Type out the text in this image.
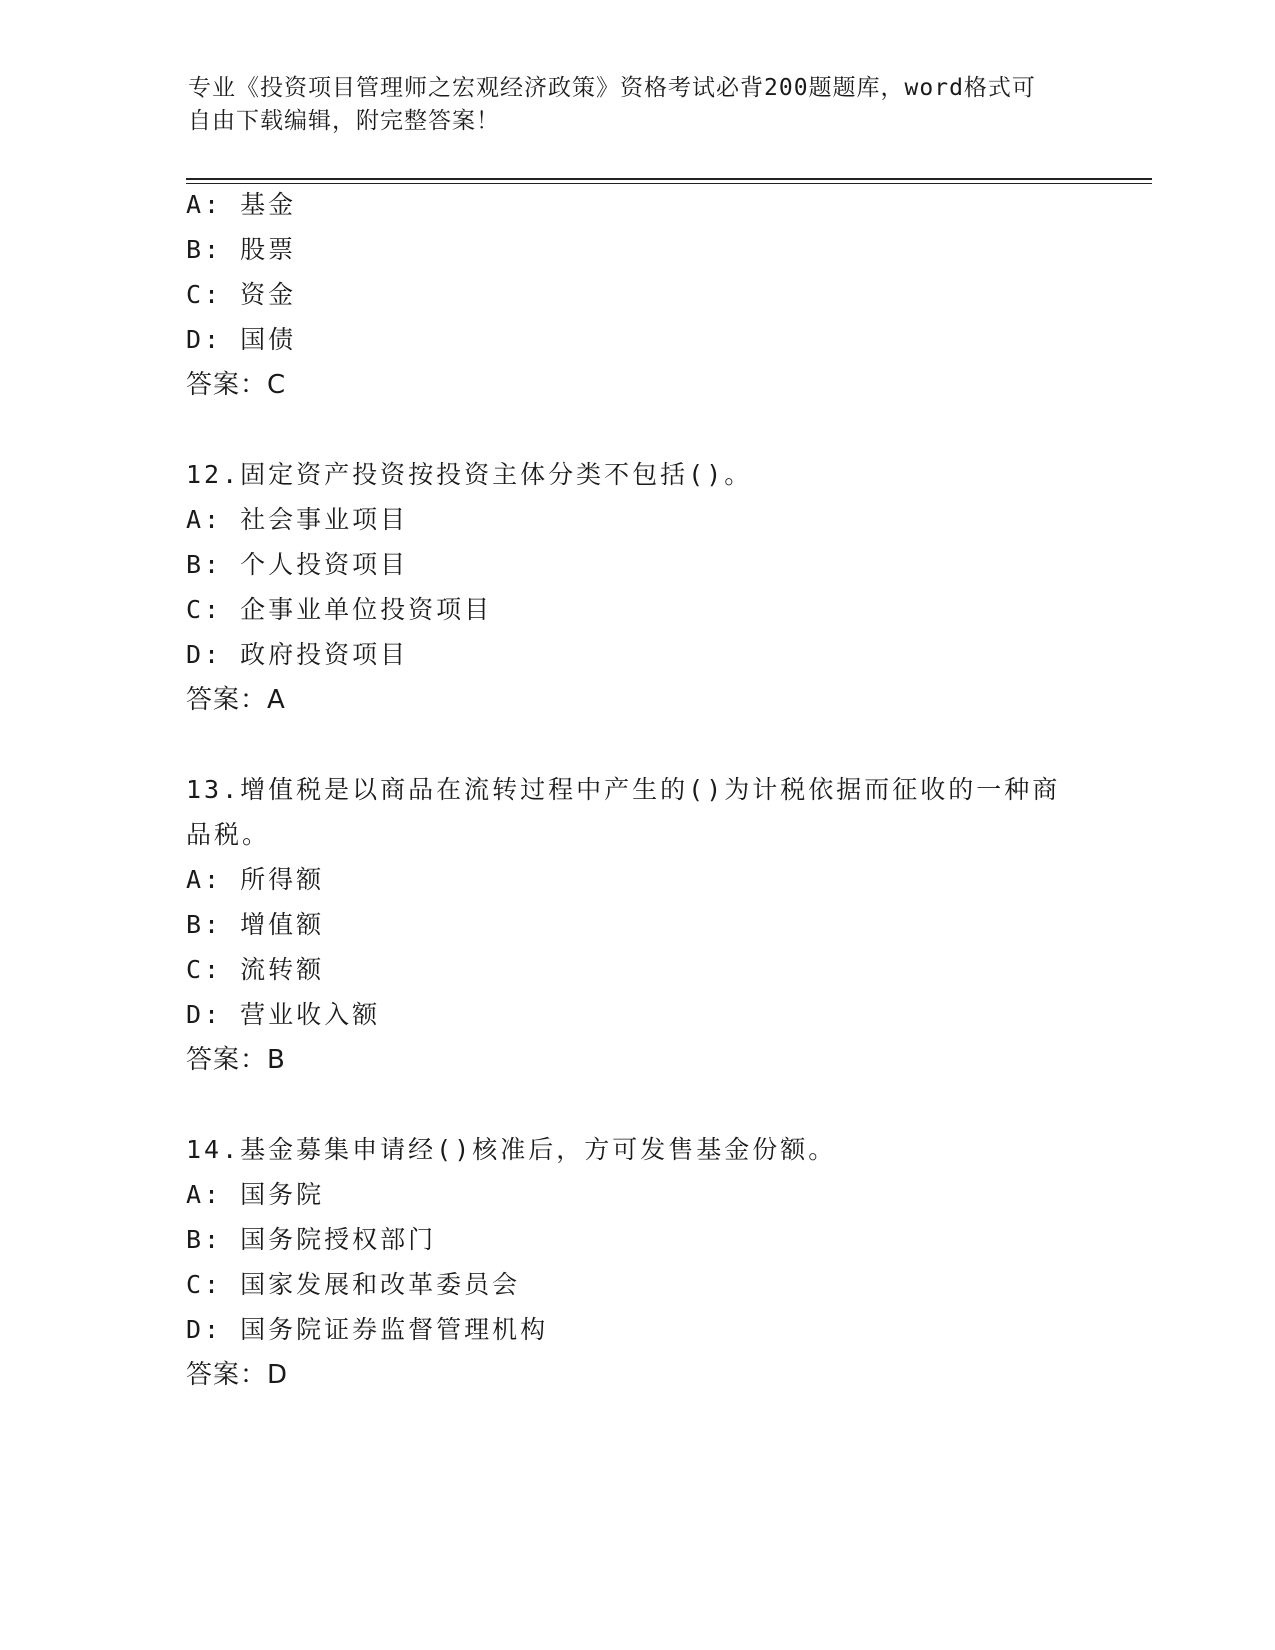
专业《投资项目管理师之宏观经济政策》资格考试必背200题题库，word格式可
自由下载编辑，附完整答案！
A: 基金
B: 股票
C: 资金
D: 国债
答案：C
12.固定资产投资按投资主体分类不包括()。
A: 社会事业项目
B: 个人投资项目
C: 企事业单位投资项目
D: 政府投资项目
答案：A
13.增值税是以商品在流转过程中产生的()为计税依据而征收的一种商
品税。
A: 所得额
B: 增值额
C: 流转额
D: 营业收入额
答案：B
14.基金募集申请经()核准后，方可发售基金份额。
A: 国务院
B: 国务院授权部门
C: 国家发展和改革委员会
D: 国务院证券监督管理机构
答案：D
